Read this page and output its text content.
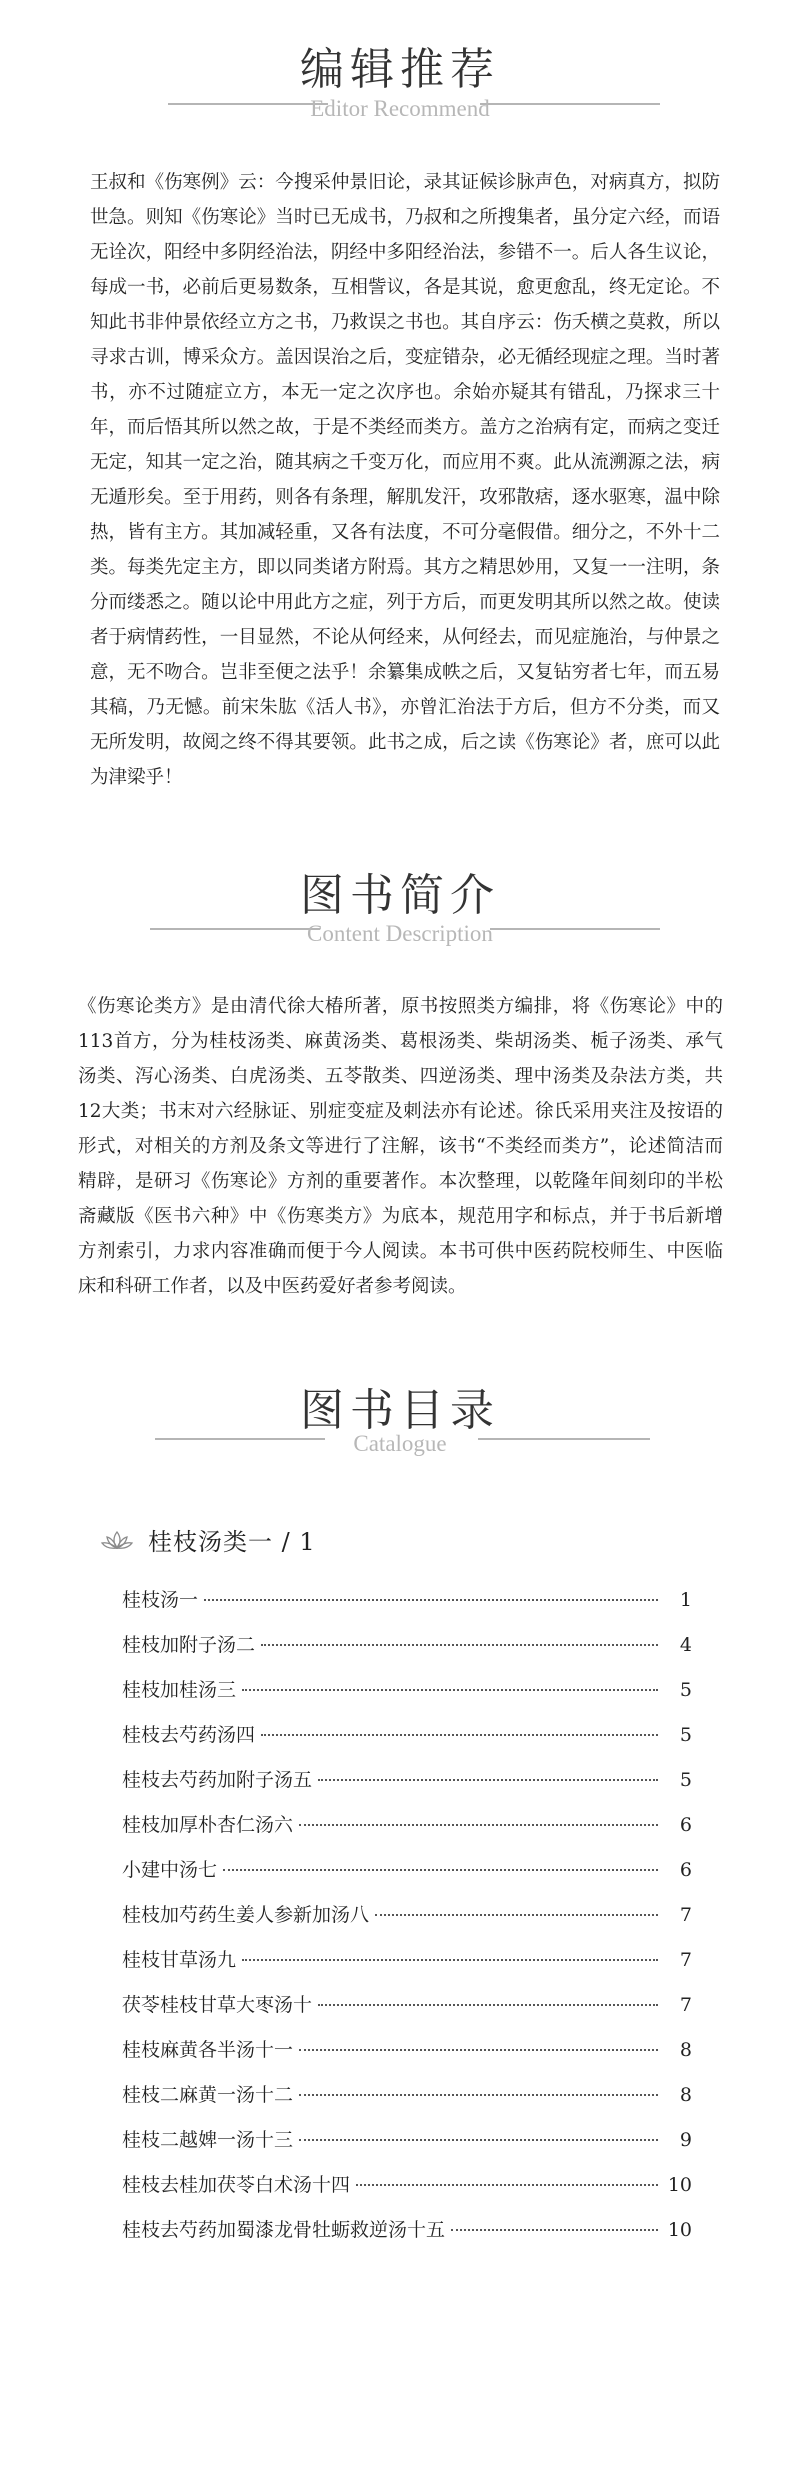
编辑推荐
Editor Recommend

王叔和《伤寒例》云：今搜采仲景旧论，录其证候诊脉声色，对病真方，拟防世急。则知《伤寒论》当时已无成书，乃叔和之所搜集者，虽分定六经，而语无诠次，阳经中多阴经治法，阴经中多阳经治法，参错不一。后人各生议论，每成一书，必前后更易数条，互相訾议，各是其说，愈更愈乱，终无定论。不知此书非仲景依经立方之书，乃救误之书也。其自序云：伤夭横之莫救，所以寻求古训，博采众方。盖因误治之后，变症错杂，必无循经现症之理。当时著书，亦不过随症立方，本无一定之次序也。余始亦疑其有错乱，乃探求三十年，而后悟其所以然之故，于是不类经而类方。盖方之治病有定，而病之变迁无定，知其一定之治，随其病之千变万化，而应用不爽。此从流溯源之法，病无遁形矣。至于用药，则各有条理，解肌发汗，攻邪散痞，逐水驱寒，温中除热，皆有主方。其加减轻重，又各有法度，不可分毫假借。细分之，不外十二类。每类先定主方，即以同类诸方附焉。其方之精思妙用，又复一一注明，条分而缕悉之。随以论中用此方之症，列于方后，而更发明其所以然之故。使读者于病情药性，一目显然，不论从何经来，从何经去，而见症施治，与仲景之意，无不吻合。岂非至便之法乎！余纂集成帙之后，又复钻穷者七年，而五易其稿，乃无憾。前宋朱肱《活人书》，亦曾汇治法于方后，但方不分类，而又无所发明，故阅之终不得其要领。此书之成，后之读《伤寒论》者，庶可以此为津梁乎！

图书简介
Content Description

《伤寒论类方》是由清代徐大椿所著，原书按照类方编排，将《伤寒论》中的113首方，分为桂枝汤类、麻黄汤类、葛根汤类、柴胡汤类、栀子汤类、承气汤类、泻心汤类、白虎汤类、五苓散类、四逆汤类、理中汤类及杂法方类，共12大类；书末对六经脉证、别症变症及刺法亦有论述。徐氏采用夹注及按语的形式，对相关的方剂及条文等进行了注解，该书“不类经而类方”，论述简洁而精辟，是研习《伤寒论》方剂的重要著作。本次整理，以乾隆年间刻印的半松斋藏版《医书六种》中《伤寒类方》为底本，规范用字和标点，并于书后新增方剂索引，力求内容准确而便于今人阅读。本书可供中医药院校师生、中医临床和科研工作者，以及中医药爱好者参考阅读。

图书目录
Catalogue
桂枝汤类一 / 1
桂枝汤一	1
桂枝加附子汤二	4
桂枝加桂汤三	5
桂枝去芍药汤四	5
桂枝去芍药加附子汤五	5
桂枝加厚朴杏仁汤六	6
小建中汤七	6
桂枝加芍药生姜人参新加汤八	7
桂枝甘草汤九	7
茯苓桂枝甘草大枣汤十	7
桂枝麻黄各半汤十一	8
桂枝二麻黄一汤十二	8
桂枝二越婢一汤十三	9
桂枝去桂加茯苓白术汤十四	10
桂枝去芍药加蜀漆龙骨牡蛎救逆汤十五	10
